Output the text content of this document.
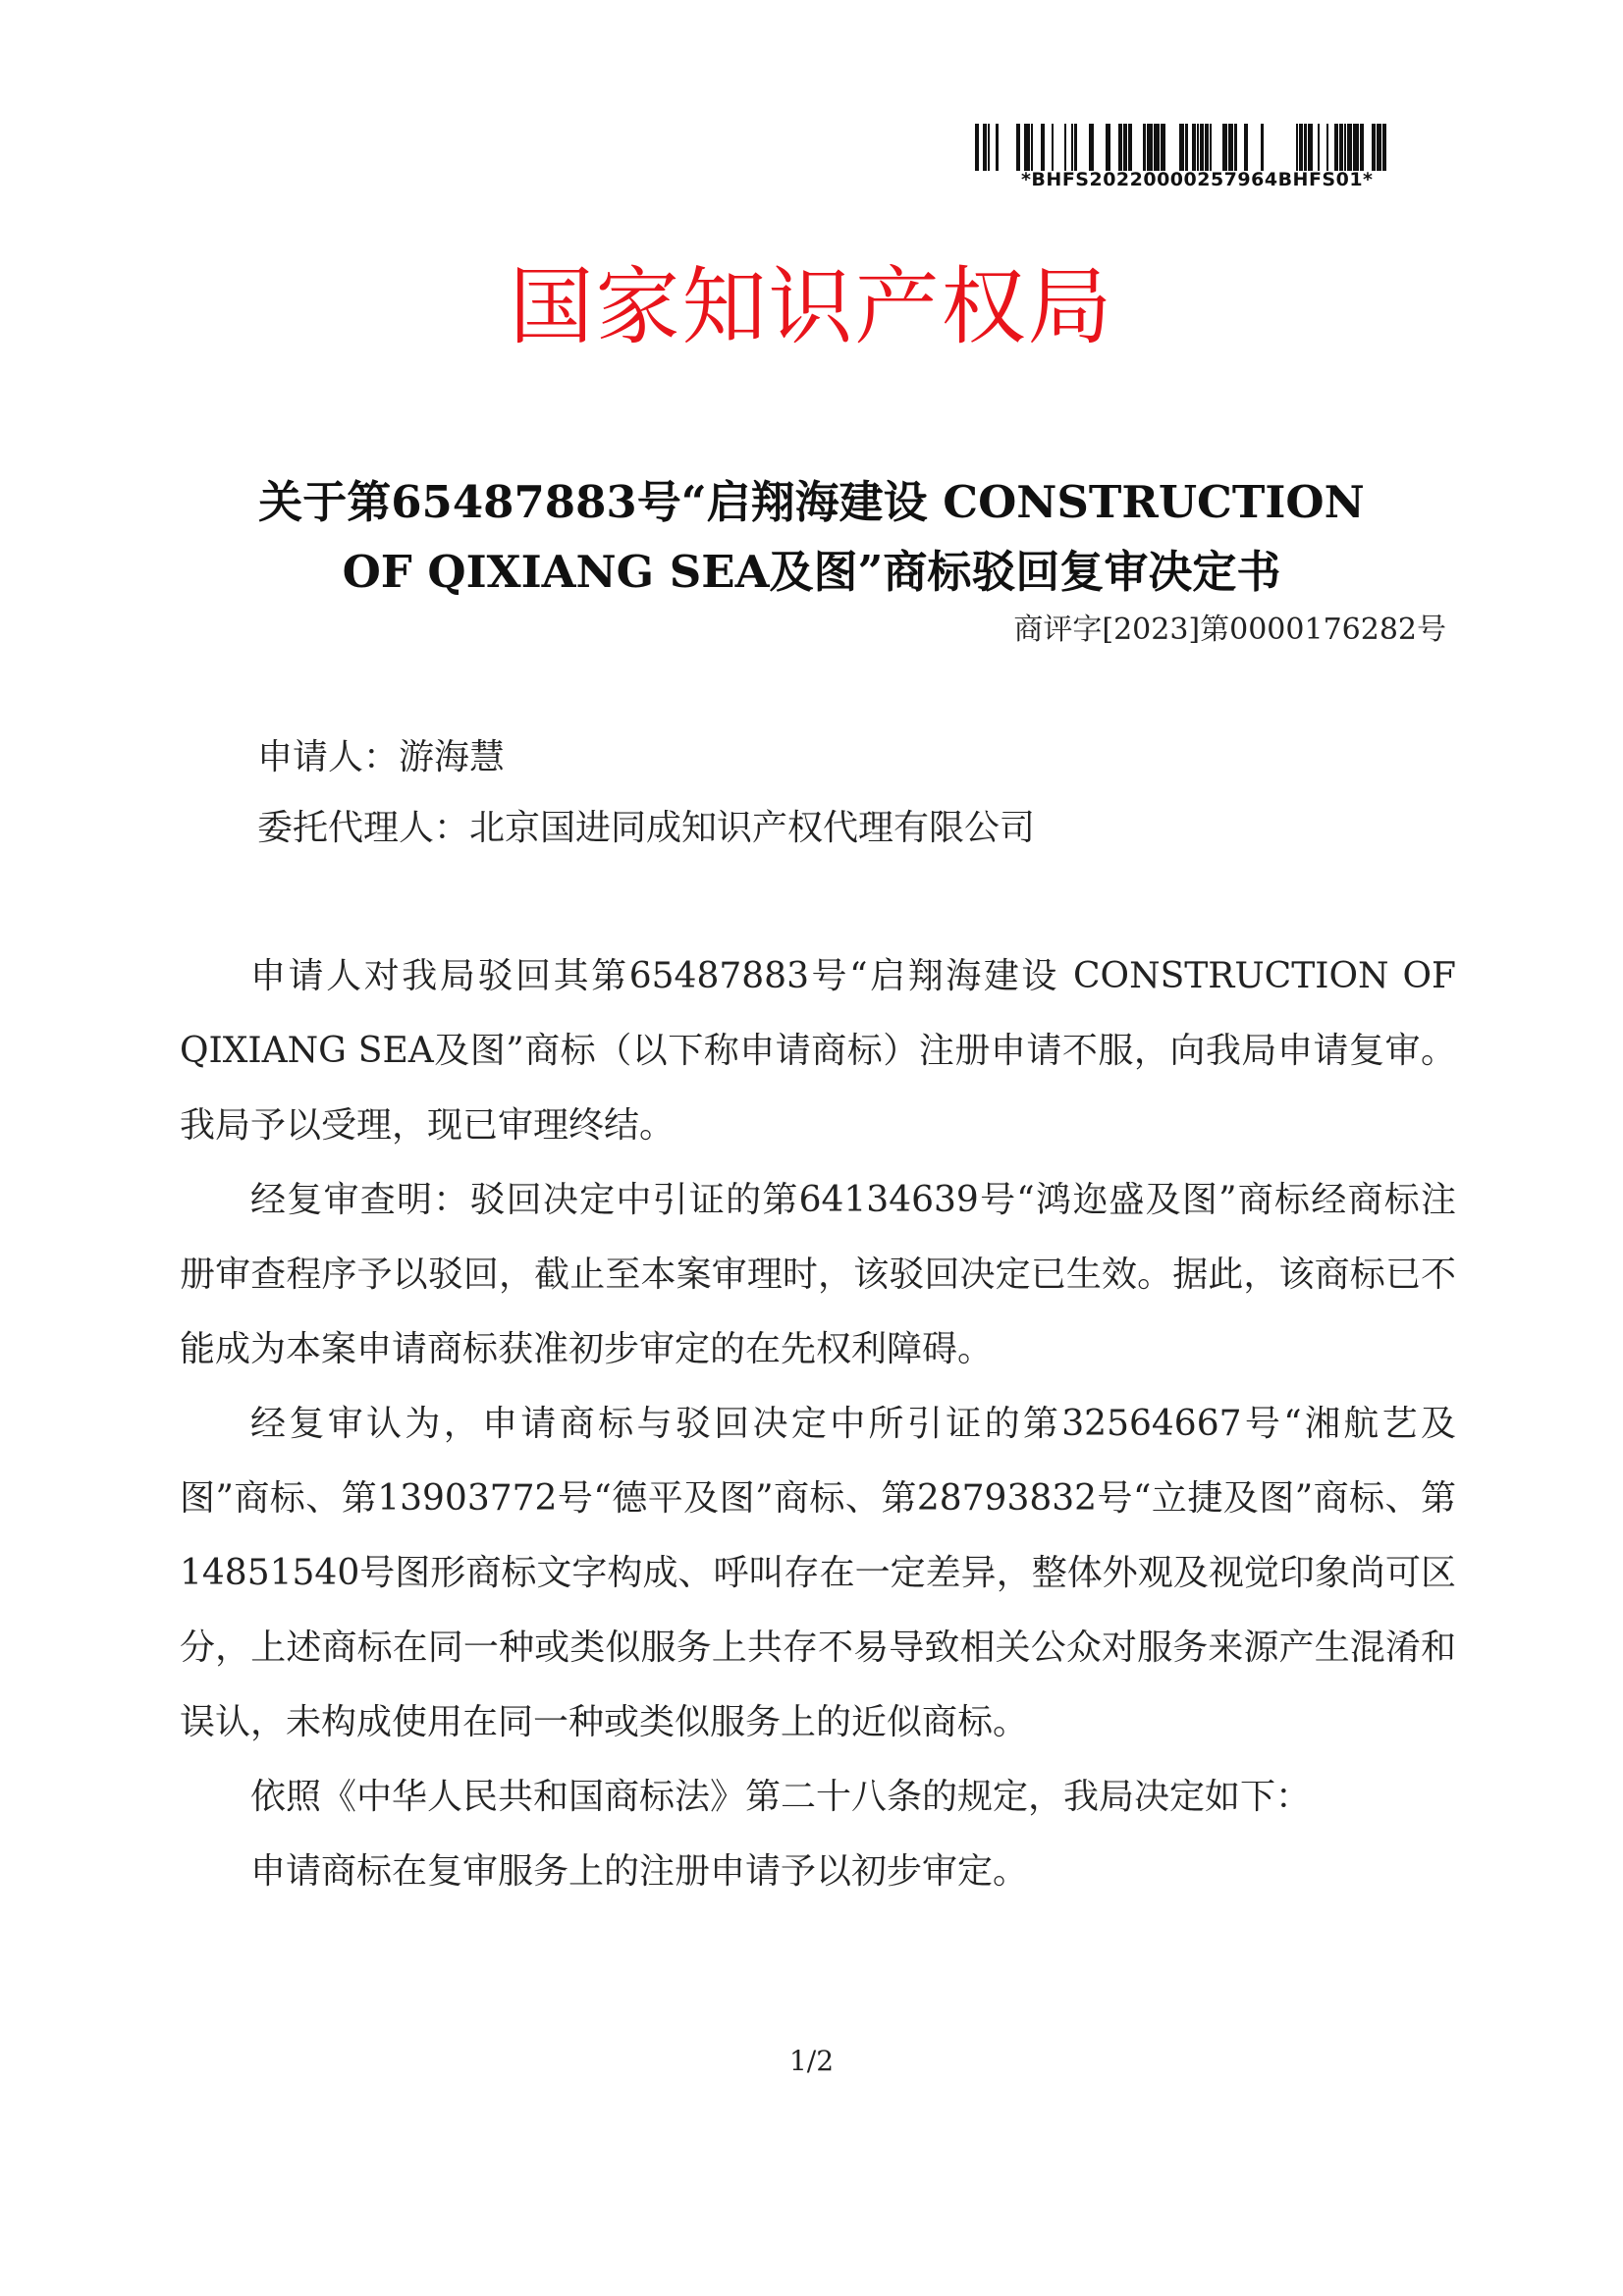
*BHFS20220000257964BHFS01*
国家知识产权局
关于第65487883号“启翔海建设 CONSTRUCTION
OF QIXIANG SEA及图”商标驳回复审决定书
商评字[2023]第0000176282号
申请人：游海慧
委托代理人：北京国进同成知识产权代理有限公司

申请人对我局驳回其第65487883号“启翔海建设 CONSTRUCTION OF QIXIANG SEA及图”商标（以下称申请商标）注册申请不服，向我局申请复审。我局予以受理，现已审理终结。

经复审查明：驳回决定中引证的第64134639号“鸿迩盛及图”商标经商标注册审查程序予以驳回，截止至本案审理时，该驳回决定已生效。据此，该商标已不能成为本案申请商标获准初步审定的在先权利障碍。

经复审认为，申请商标与驳回决定中所引证的第32564667号“湘航艺及图”商标、第13903772号“德平及图”商标、第28793832号“立捷及图”商标、第14851540号图形商标文字构成、呼叫存在一定差异，整体外观及视觉印象尚可区分，上述商标在同一种或类似服务上共存不易导致相关公众对服务来源产生混淆和误认，未构成使用在同一种或类似服务上的近似商标。

依照《中华人民共和国商标法》第二十八条的规定，我局决定如下：

申请商标在复审服务上的注册申请予以初步审定。

1/2
